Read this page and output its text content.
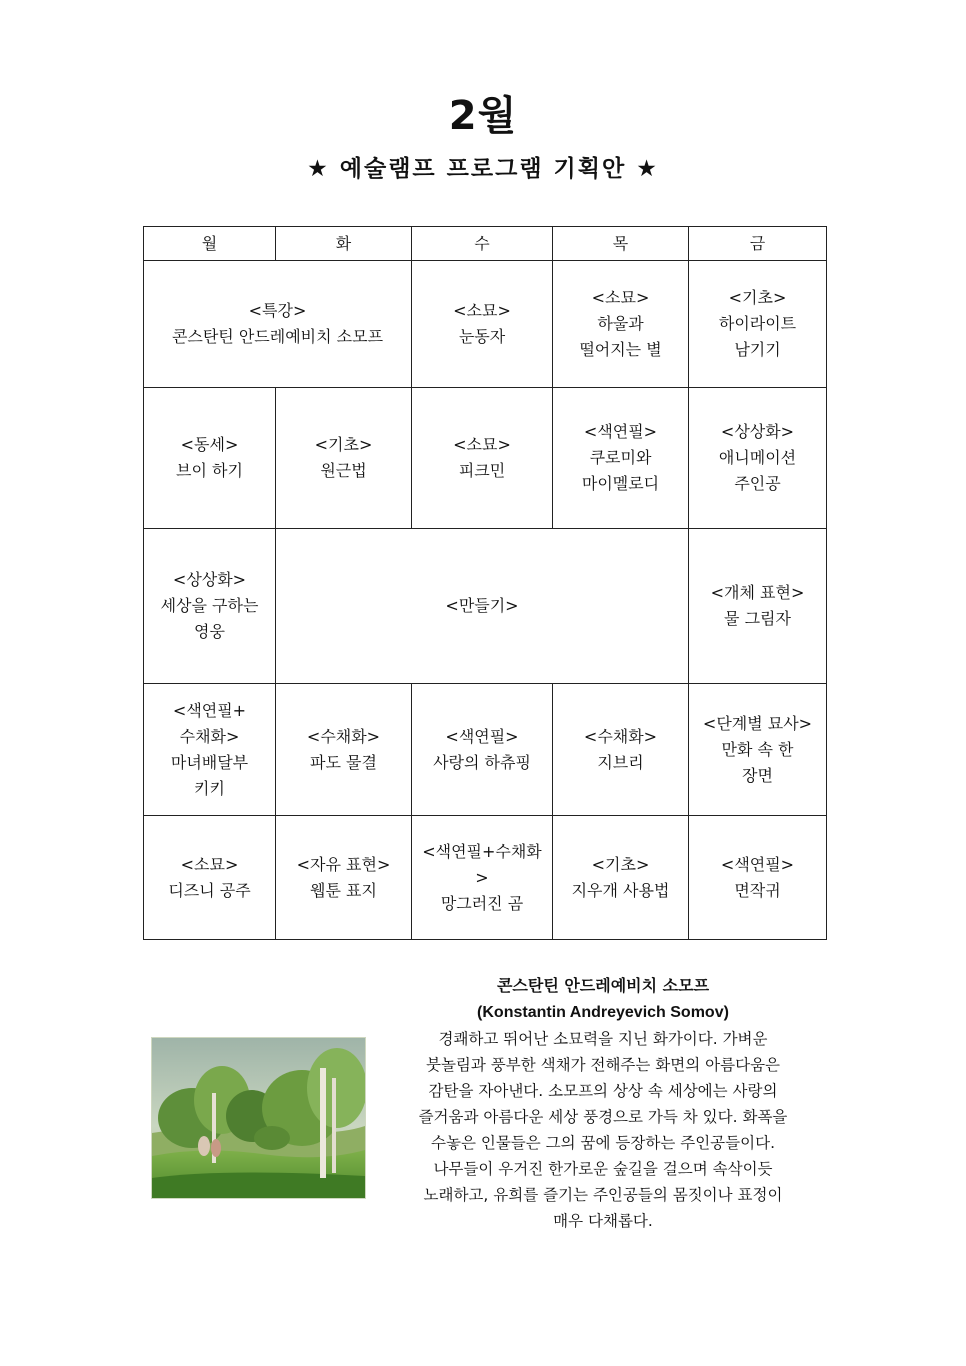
2월
★ 예술램프 프로그램 기획안 ★
월	화	수	목	금

<특강>
콘스탄틴 안드레예비치 소모프		<소묘>
눈동자	<소묘>
하울과
떨어지는 별	<기초>
하이라이트
남기기

<동세>
브이 하기	<기초>
원근법	<소묘>
피크민	<색연필>
쿠로미와
마이멜로디	<상상화>
애니메이션
주인공

<상상화>
세상을 구하는
영웅	<만들기>			<개체 표현>
물 그림자

<색연필+
수채화>
마녀배달부
키키	<수채화>
파도 물결	<색연필>
사랑의 하츄핑	<수채화>
지브리	<단계별 묘사>
만화 속 한
장면

<소묘>
디즈니 공주	<자유 표현>
웹툰 표지	<색연필+수채화
>
망그러진 곰	<기초>
지우개 사용법	<색연필>
면작귀
콘스탄틴 안드레예비치 소모프
(Konstantin Andreyevich Somov)
경쾌하고 뛰어난 소묘력을 지닌 화가이다. 가벼운
붓놀림과 풍부한 색채가 전해주는 화면의 아름다움은
감탄을 자아낸다. 소모프의 상상 속 세상에는 사랑의
즐거움과 아름다운 세상 풍경으로 가득 차 있다. 화폭을
수놓은 인물들은 그의 꿈에 등장하는 주인공들이다.
나무들이 우거진 한가로운 숲길을 걸으며 속삭이듯
노래하고, 유희를 즐기는 주인공들의 몸짓이나 표정이
매우 다채롭다.
